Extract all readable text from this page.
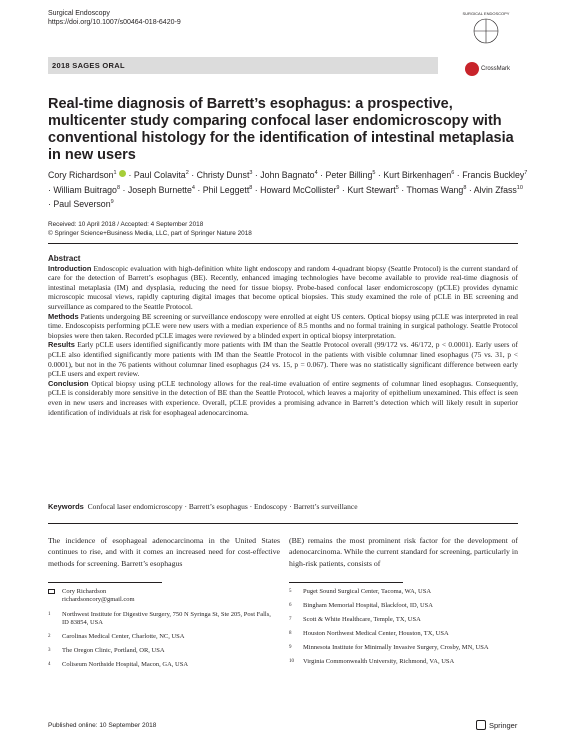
Surgical Endoscopy
https://doi.org/10.1007/s00464-018-6420-9
SURGICAL ENDOSCOPY
2018 SAGES ORAL	CrossMark
Real-time diagnosis of Barrett’s esophagus: a prospective, multicenter study comparing confocal laser endomicroscopy with conventional histology for the identification of intestinal metaplasia in new users
Cory Richardson$^1$  · Paul Colavita$^2$ · Christy Dunst$^3$ · John Bagnato$^4$ · Peter Billing$^5$ · Kurt Birkenhagen$^6$ · Francis Buckley$^7$ · William Buitrago$^8$ · Joseph Burnette$^4$ · Phil Leggett$^8$ · Howard McCollister$^9$ · Kurt Stewart$^5$ · Thomas Wang$^8$ · Alvin Zfass$^{10}$ · Paul Severson$^9$
Received: 10 April 2018 / Accepted: 4 September 2018
© Springer Science+Business Media, LLC, part of Springer Nature 2018
Abstract

Introduction Endoscopic evaluation with high-definition white light endoscopy and random 4-quadrant biopsy (Seattle Protocol) is the current standard of care for the detection of Barrett’s esophagus (BE). Recently, enhanced imaging technologies have become available to provide real-time diagnosis of intestinal metaplasia (IM) and dysplasia, reducing the need for tissue biopsy. Probe-based confocal laser endomicroscopy (pCLE) provides dynamic microscopic mucosal views, rapidly capturing digital images that become optical biopsies. This study examined the role of pCLE in BE screening and surveillance as compared to the Seattle Protocol.

Methods Patients undergoing BE screening or surveillance endoscopy were enrolled at eight US centers. Optical biopsy using pCLE was interpreted in real time. Endoscopists performing pCLE were new users with a median experience of 8.5 months and no formal training in surgical pathology. Seattle Protocol biopsies were then taken. Recorded pCLE images were reviewed by a blinded expert in optical biopsy interpretation.

Results Early pCLE users identified significantly more patients with IM than the Seattle Protocol overall (99/172 vs. 46/172, p < 0.0001). Early users of pCLE also identified significantly more patients with IM than the Seattle Protocol in the patients with visible columnar lined esophagus (75 vs. 31, p < 0.0001), but not in the 76 patients without columnar lined esophagus (24 vs. 15, p = 0.067). There was no statistically significant difference between early pCLE users and expert review.

Conclusion Optical biopsy using pCLE technology allows for the real-time evaluation of entire segments of columnar lined esophagus. Consequently, pCLE is considerably more sensitive in the detection of BE than the Seattle Protocol, which leaves a majority of epithelium unexamined. This effect is seen even in new users and increases with experience. Overall, pCLE provides a promising advance in Barrett’s detection which will likely result in superior identification of individuals at risk for esophageal adenocarcinoma.

Keywords Confocal laser endomicroscopy · Barrett’s esophagus · Endoscopy · Barrett’s surveillance
The incidence of esophageal adenocarcinoma in the United States continues to rise, and with it comes an increased need for cost-effective methods for screening. Barrett’s esophagus
(BE) remains the most prominent risk factor for the development of adenocarcinoma. While the current standard for screening, particularly in high-risk patients, consists of
Cory Richardson
richardsoncory@gmail.com
1 Northwest Institute for Digestive Surgery, 750 N Syringa St, Ste 205, Post Falls, ID 83854, USA
2 Carolinas Medical Center, Charlotte, NC, USA
3 The Oregon Clinic, Portland, OR, USA
4 Coliseum Northside Hospital, Macon, GA, USA
5 Puget Sound Surgical Center, Tacoma, WA, USA
6 Bingham Memorial Hospital, Blackfoot, ID, USA
7 Scott & White Healthcare, Temple, TX, USA
8 Houston Northwest Medical Center, Houston, TX, USA
9 Minnesota Institute for Minimally Invasive Surgery, Crosby, MN, USA
10 Virginia Commonwealth University, Richmond, VA, USA
Published online: 10 September 2018	Springer
